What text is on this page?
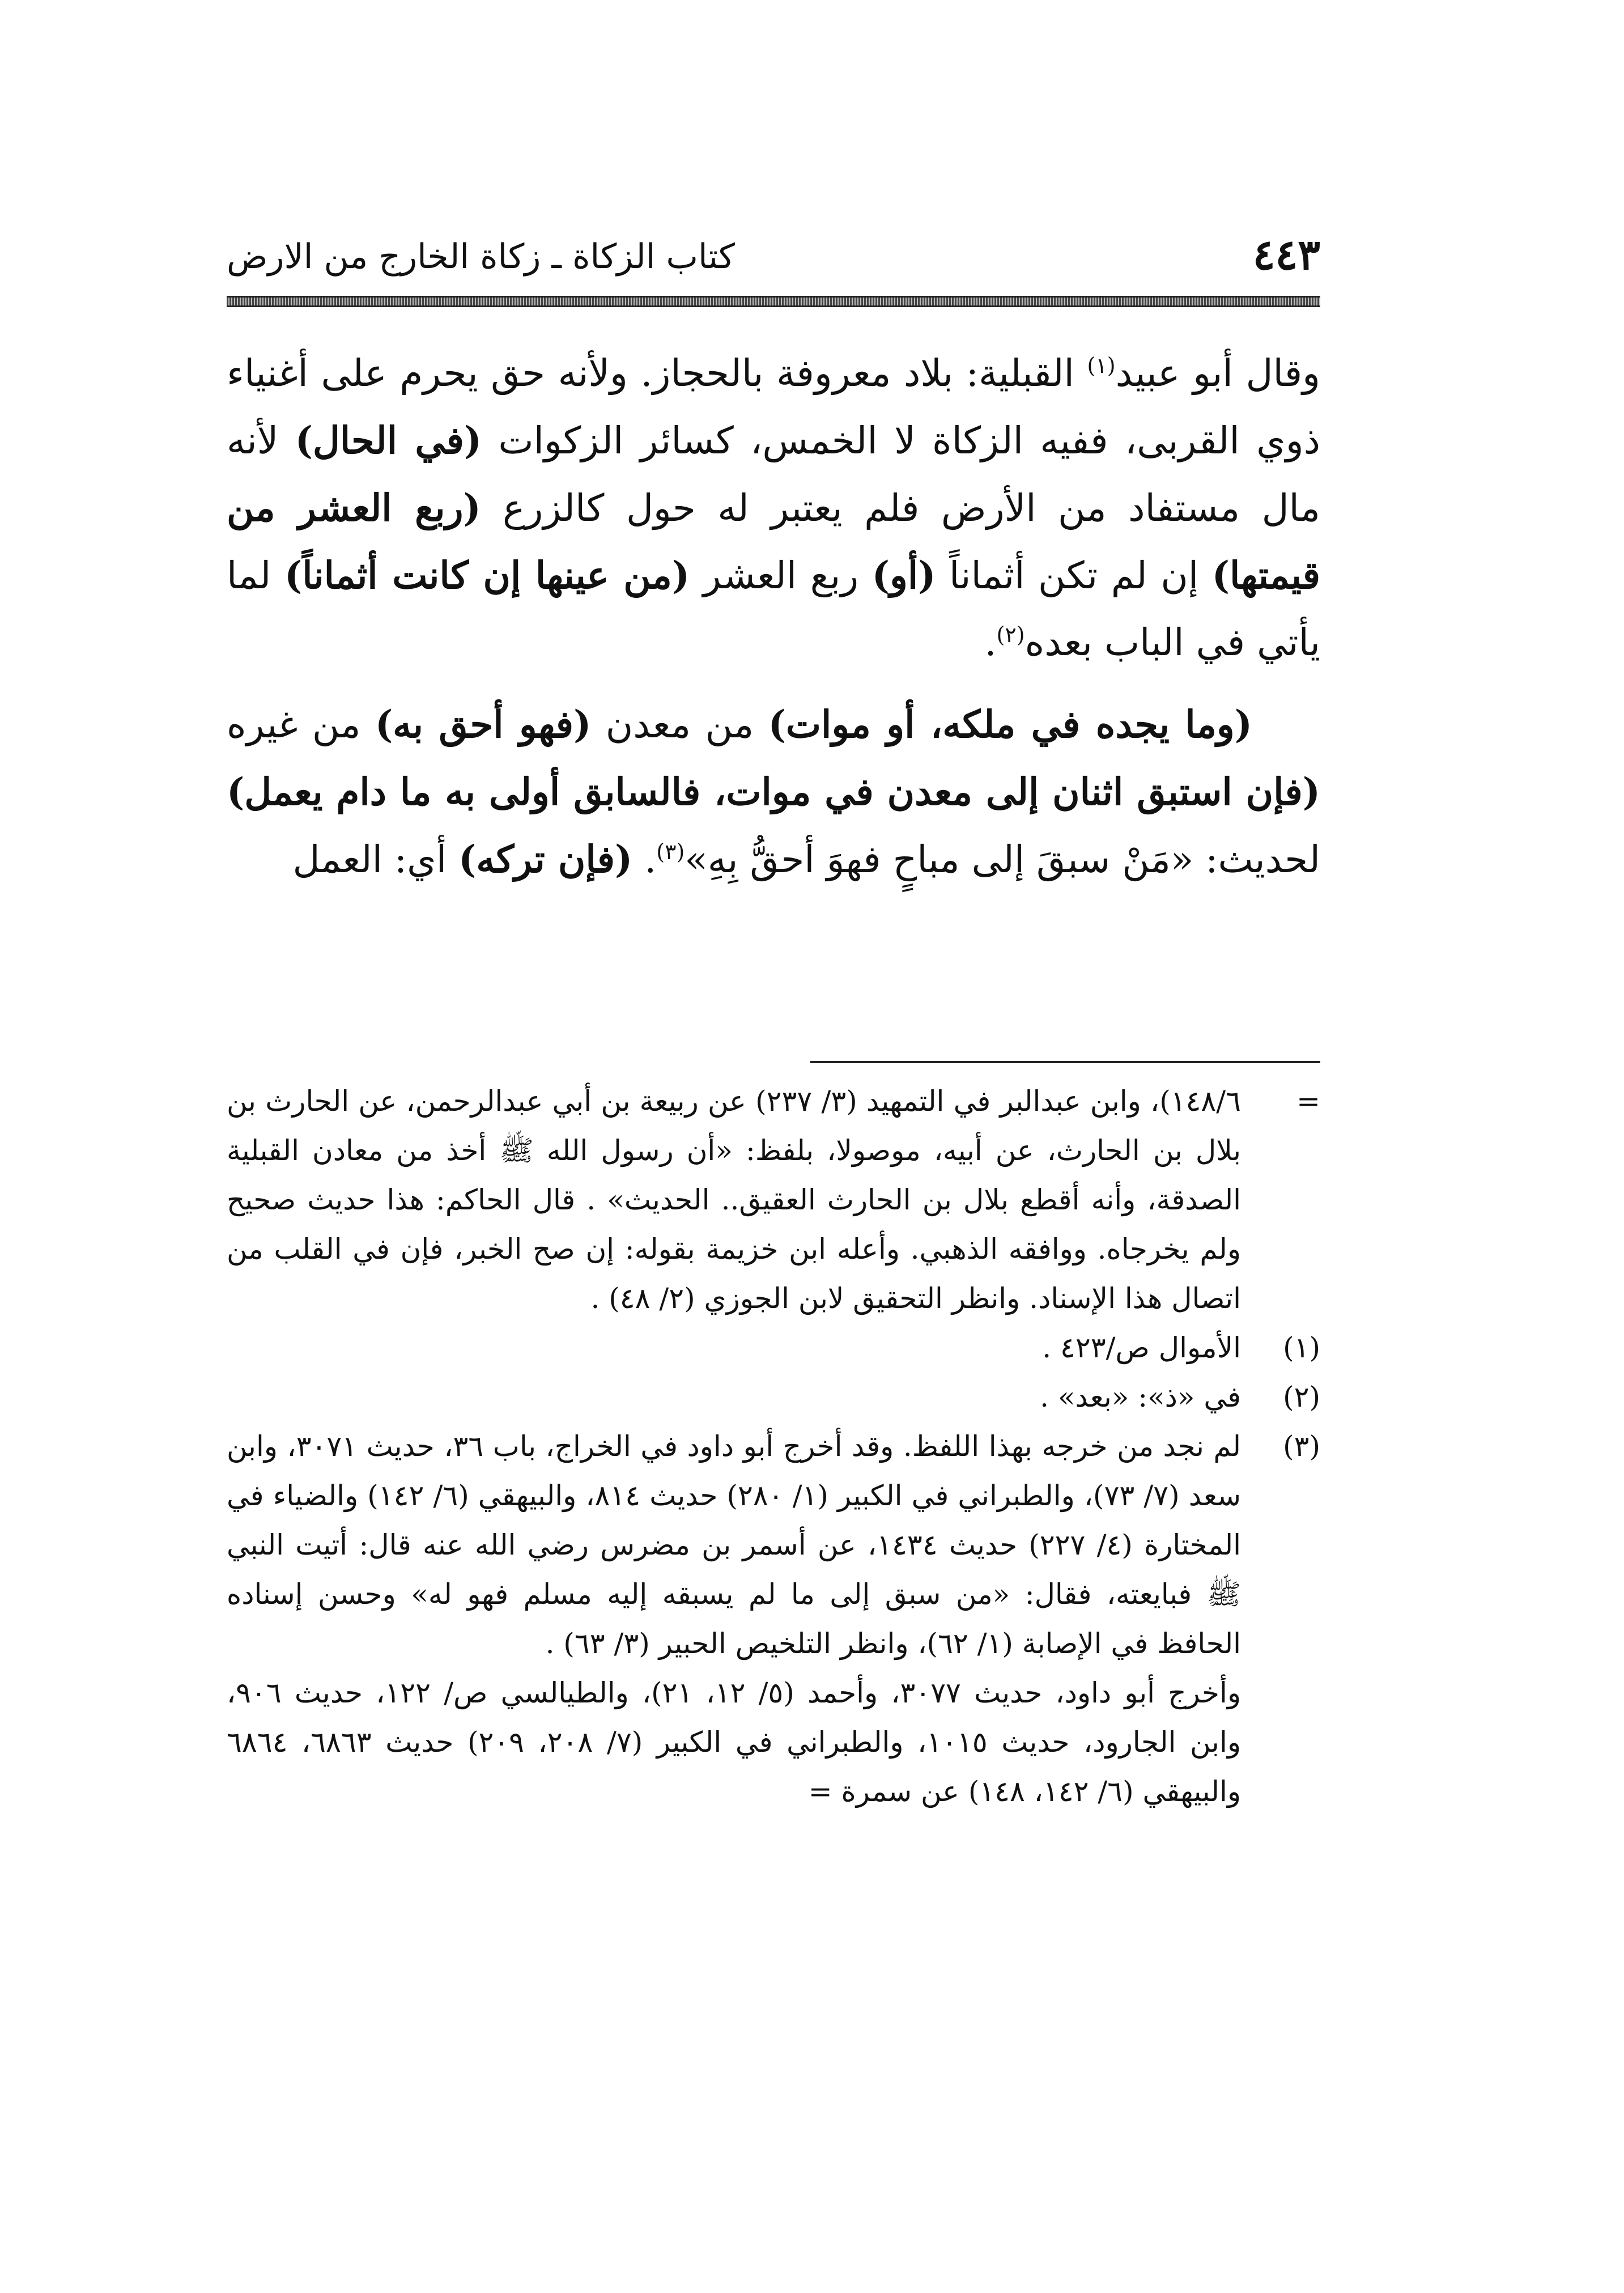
٤٤٣
كتاب الزكاة ـ زكاة الخارج من الارض

وقال أبو عبيد$^{(١)}$ القبلية: بلاد معروفة بالحجاز. ولأنه حق يحرم على أغنياء ذوي القربى، ففيه الزكاة لا الخمس، كسائر الزكوات (في الحال) لأنه مال مستفاد من الأرض فلم يعتبر له حول كالزرع (ربع العشر من قيمتها) إن لم تكن أثماناً (أو) ربع العشر (من عينها إن كانت أثماناً) لما يأتي في الباب بعده$^{(٢)}$.

(وما يجده في ملكه، أو موات) من معدن (فهو أحق به) من غيره (فإن استبق اثنان إلى معدن في موات، فالسابق أولى به ما دام يعمل) لحديث: «مَنْ سبقَ إلى مباحٍ فهوَ أحقُّ بِهِ»$^{(٣)}$. (فإن تركه) أي: العمل

=
١٤٨/٦)، وابن عبدالبر في التمهيد (٣/ ٢٣٧) عن ربيعة بن أبي عبدالرحمن، عن الحارث بن بلال بن الحارث، عن أبيه، موصولا، بلفظ: «أن رسول الله ﷺ أخذ من معادن القبلية الصدقة، وأنه أقطع بلال بن الحارث العقيق.. الحديث» . قال الحاكم: هذا حديث صحيح ولم يخرجاه. ووافقه الذهبي. وأعله ابن خزيمة بقوله: إن صح الخبر، فإن في القلب من اتصال هذا الإسناد. وانظر التحقيق لابن الجوزي (٢/ ٤٨) .
(١)
الأموال ص/٤٢٣ .
(٢)
في «ذ»: «بعد» .
(٣)
لم نجد من خرجه بهذا اللفظ. وقد أخرج أبو داود في الخراج، باب ٣٦، حديث ٣٠٧١، وابن سعد (٧/ ٧٣)، والطبراني في الكبير (١/ ٢٨٠) حديث ٨١٤، والبيهقي (٦/ ١٤٢) والضياء في المختارة (٤/ ٢٢٧) حديث ١٤٣٤، عن أسمر بن مضرس رضي الله عنه قال: أتيت النبي ﷺ فبايعته، فقال: «من سبق إلى ما لم يسبقه إليه مسلم فهو له» وحسن إسناده الحافظ في الإصابة (١/ ٦٢)، وانظر التلخيص الحبير (٣/ ٦٣) .

وأخرج أبو داود، حديث ٣٠٧٧، وأحمد (٥/ ١٢، ٢١)، والطيالسي ص/ ١٢٢، حديث ٩٠٦، وابن الجارود، حديث ١٠١٥، والطبراني في الكبير (٧/ ٢٠٨، ٢٠٩) حديث ٦٨٦٣، ٦٨٦٤ والبيهقي (٦/ ١٤٢، ١٤٨) عن سمرة =
